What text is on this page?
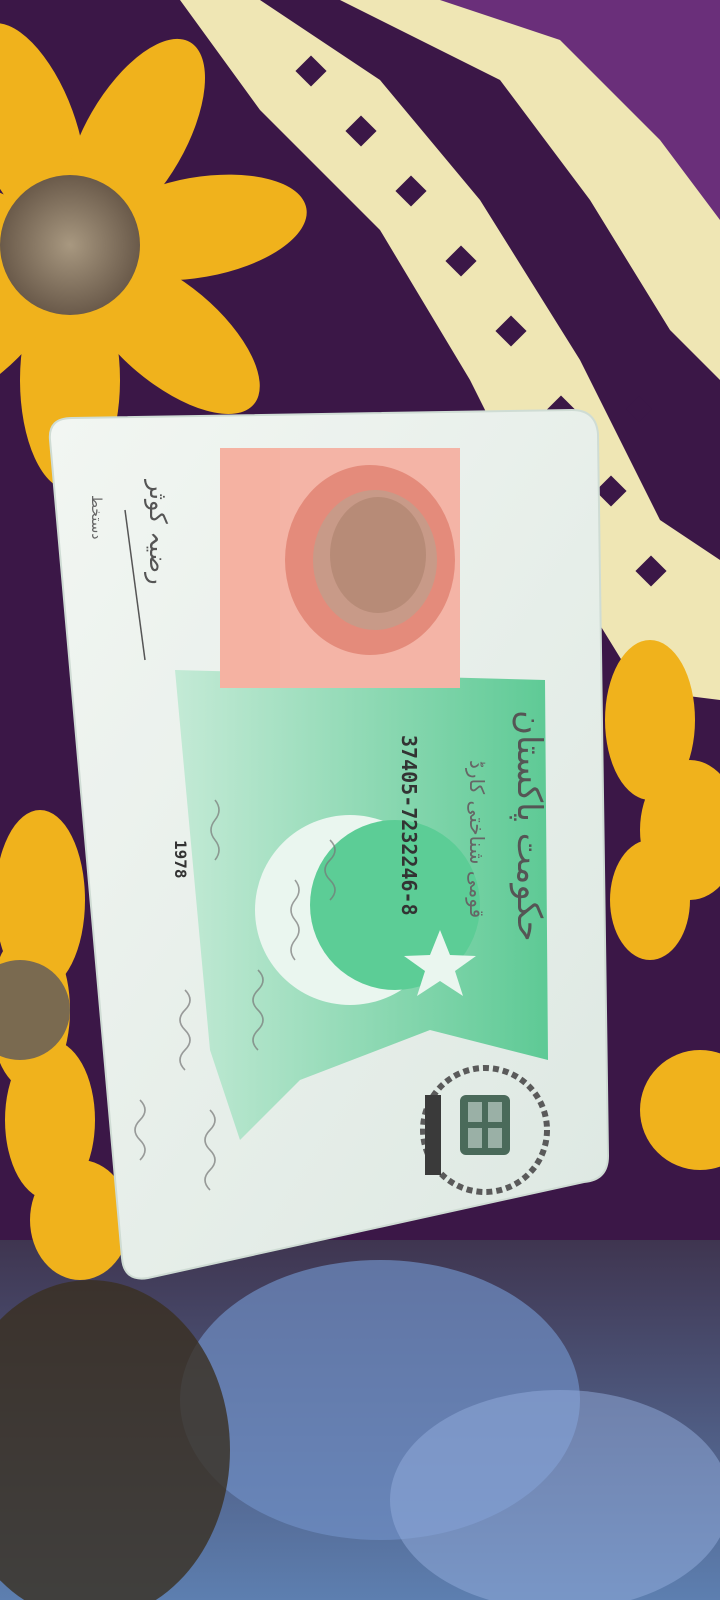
37405-7232246-8
1978	حکومت پاکستان
قومی شناختی کارڈ
رضیہ کوثر
دستخط
